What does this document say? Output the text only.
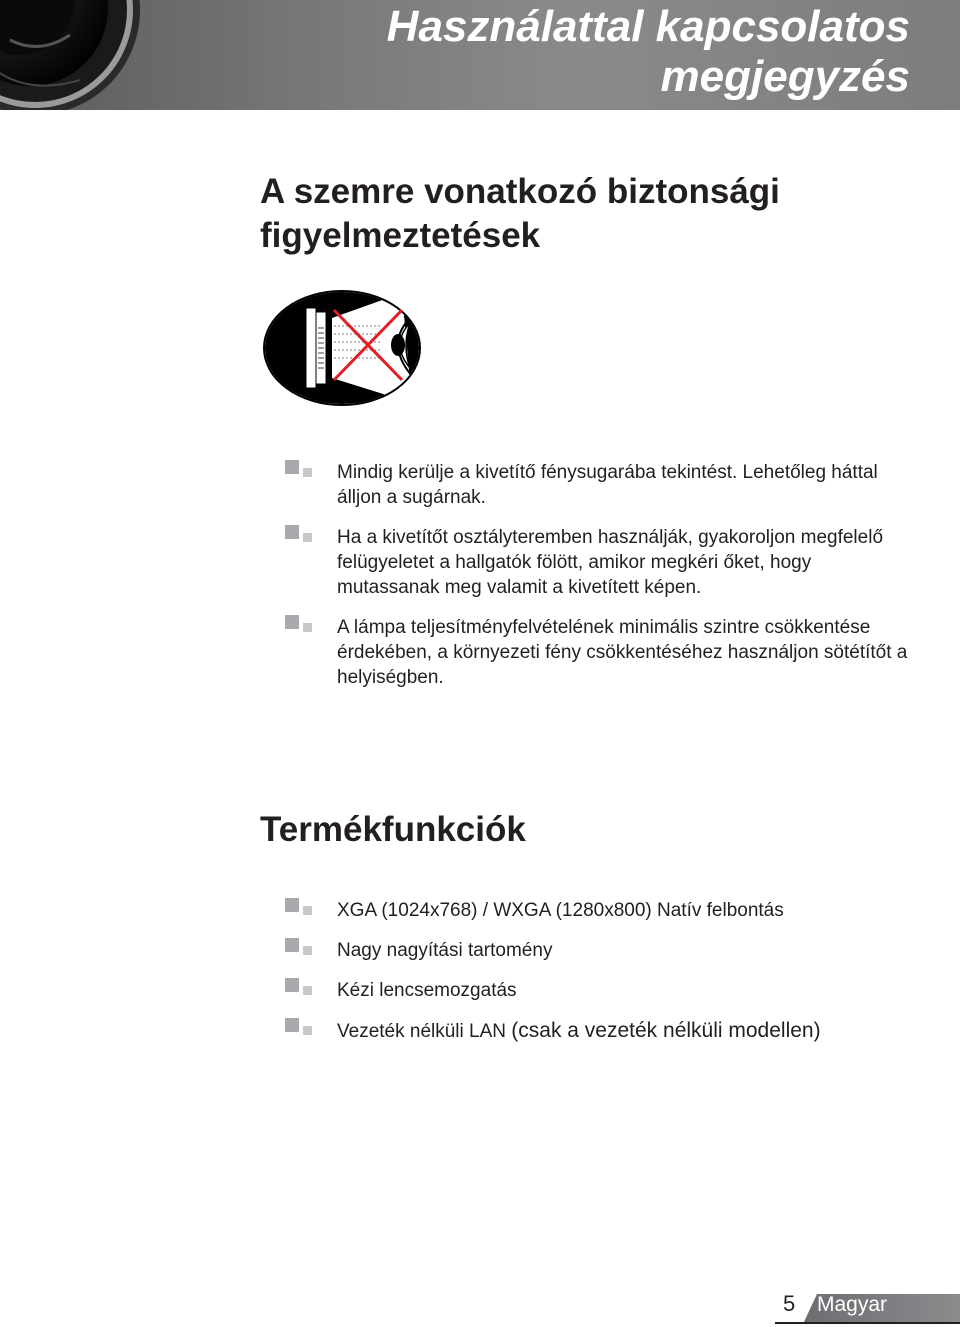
Használattal kapcsolatos
megjegyzés
A szemre vonatkozó biztonsági
figyelmeztetések
Mindig kerülje a kivetítő fénysugarába tekintést. Lehetőleg háttal álljon a sugárnak.
Ha a kivetítőt osztályteremben használják, gyakoroljon megfelelő felügyeletet a hallgatók fölött, amikor megkéri őket, hogy mutassanak meg valamit a kivetített képen.
A lámpa teljesítményfelvételének minimális szintre csökkentése érdekében, a környezeti fény csökkentéséhez használjon sötétítőt a helyiségben.
Termékfunkciók
XGA (1024x768) / WXGA (1280x800) Natív felbontás
Nagy nagyítási tartomény
Kézi lencsemozgatás
Vezeték nélküli LAN (csak a vezeték nélküli modellen)
5 Magyar
